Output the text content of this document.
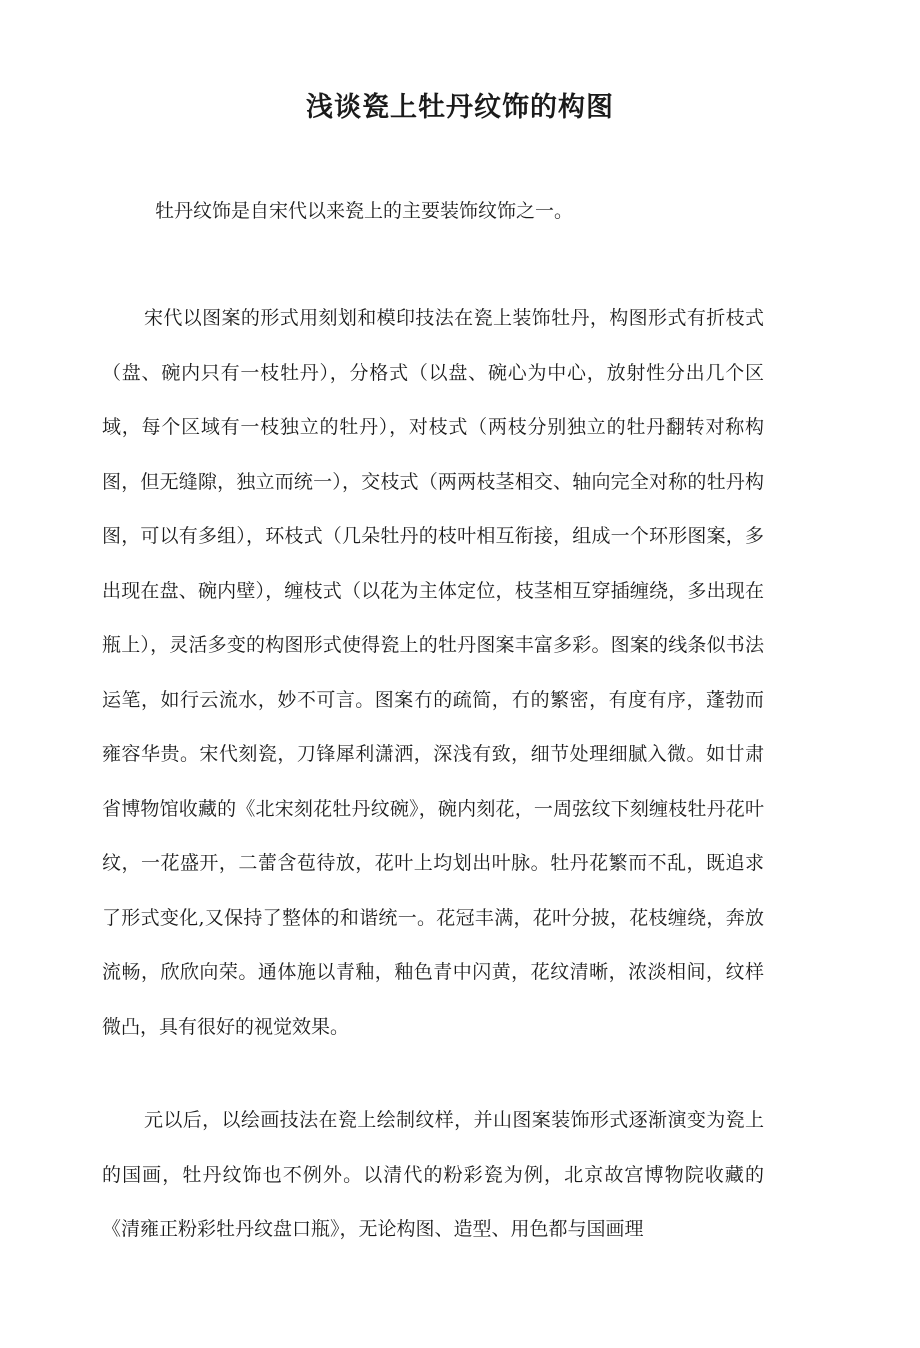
浅谈瓷上牡丹纹饰的构图

牡丹纹饰是自宋代以来瓷上的主要装饰纹饰之一。

宋代以图案的形式用刻划和模印技法在瓷上装饰牡丹，构图形式有折枝式（盘、碗内只有一枝牡丹），分格式（以盘、碗心为中心，放射性分出几个区域，每个区域有一枝独立的牡丹），对枝式（两枝分别独立的牡丹翻转对称构图，但无缝隙，独立而统一），交枝式（两两枝茎相交、轴向完全对称的牡丹构图，可以有多组），环枝式（几朵牡丹的枝叶相互衔接，组成一个环形图案，多出现在盘、碗内壁），缠枝式（以花为主体定位，枝茎相互穿插缠绕，多出现在瓶上），灵活多变的构图形式使得瓷上的牡丹图案丰富多彩。图案的线条似书法运笔，如行云流水，妙不可言。图案冇的疏简，冇的繁密，有度有序，蓬勃而雍容华贵。宋代刻瓷，刀锋犀利潇洒，深浅有致，细节处理细腻入微。如廿肃省博物馆收藏的《北宋刻花牡丹纹碗》，碗内刻花，一周弦纹下刻缠枝牡丹花叶纹，一花盛开，二蕾含苞待放，花叶上均划出叶脉。牡丹花繁而不乱，既追求了形式变化,又保持了整体的和谐统一。花冠丰满，花叶分披，花枝缠绕，奔放流畅，欣欣向荣。通体施以青釉，釉色青中闪黄，花纹清晰，浓淡相间，纹样微凸，具有很好的视觉效果。

元以后，以绘画技法在瓷上绘制纹样，并山图案装饰形式逐渐演变为瓷上的国画，牡丹纹饰也不例外。以清代的粉彩瓷为例，北京故宫博物院收藏的《清雍正粉彩牡丹纹盘口瓶》，无论构图、造型、用色都与国画理
